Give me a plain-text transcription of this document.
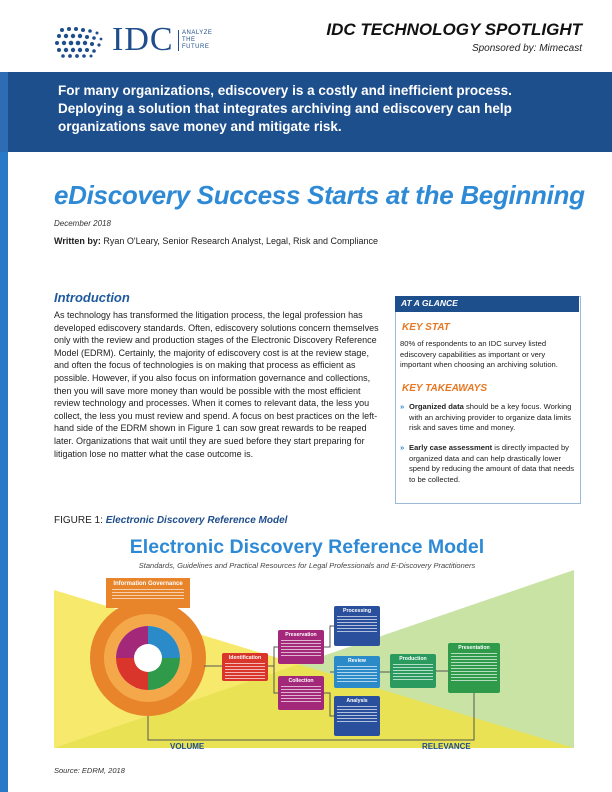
IDC ANALYZE
THE
FUTURE
IDC TECHNOLOGY SPOTLIGHT
Sponsored by: Mimecast
For many organizations, ediscovery is a costly and inefficient process. Deploying a solution that integrates archiving and ediscovery can help organizations save money and mitigate risk.
eDiscovery Success Starts at the Beginning
December 2018
Written by: Ryan O'Leary, Senior Research Analyst, Legal, Risk and Compliance
Introduction
As technology has transformed the litigation process, the legal profession has developed ediscovery standards. Often, ediscovery solutions concern themselves only with the review and production stages of the Electronic Discovery Reference Model (EDRM). Certainly, the majority of ediscovery cost is at the review stage, and often the focus of technologies is on making that process as efficient as possible. However, if you also focus on information governance and collections, then you will save more money than would be possible with the most efficient review technology and processes. When it comes to relevant data, the less you collect, the less you must review and spend. A focus on best practices on the left-hand side of the EDRM shown in Figure 1 can sow great rewards to be reaped later. Organizations that wait until they are sued before they start preparing for litigation lose no matter what the case outcome is.
AT A GLANCE
KEY STAT
80% of respondents to an IDC survey listed ediscovery capabilities as important or very important when choosing an archiving solution.
KEY TAKEAWAYS
» Organized data should be a key focus. Working with an archiving provider to organize data limits risk and saves time and money.
» Early case assessment is directly impacted by organized data and can help drastically lower spend by reducing the amount of data that needs to be collected.
FIGURE 1: Electronic Discovery Reference Model
Electronic Discovery Reference Model
Standards, Guidelines and Practical Resources for Legal Professionals and E-Discovery Practitioners
Information Governance
Identification
Preservation
Collection
Processing
Review
Analysis
Production
Presentation
VOLUME	RELEVANCE
Source: EDRM, 2018
